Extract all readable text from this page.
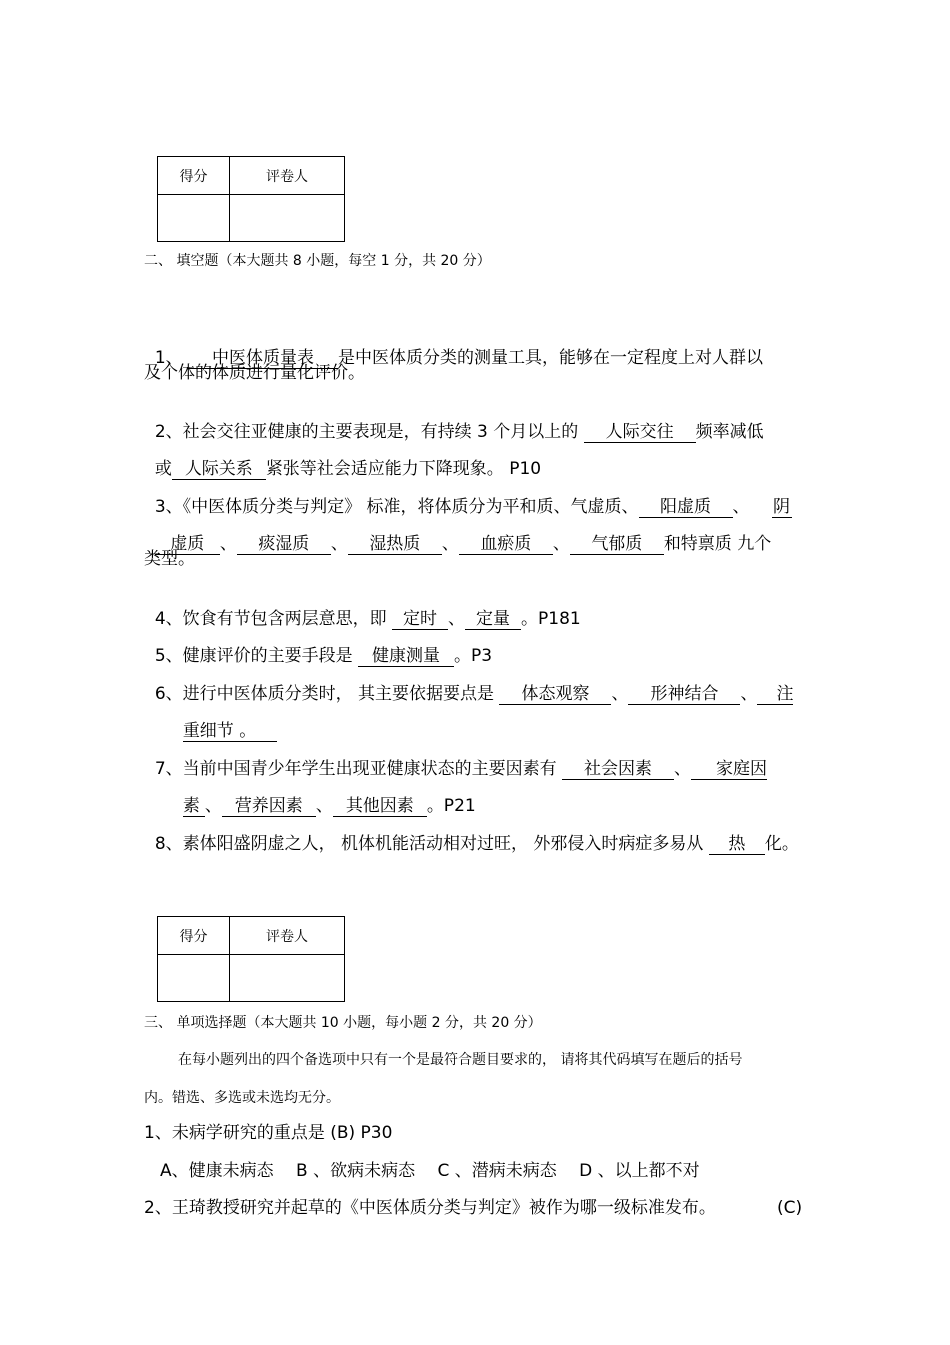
得分	评卷人

二、 填空题（本大题共 8 小题，每空 1 分，共 20 分）

1、 中医体质量表 是中医体质分类的测量工具，能够在一定程度上对人群以

及个体的体质进行量化评价。

2、社会交往亚健康的主要表现是，有持续 3 个月以上的 人际交往 频率减低

或 人际关系 紧张等社会适应能力下降现象。 P10

3、《中医体质分类与判定》 标准，将体质分为平和质、气虚质、 阳虚质 、 阴

虚质 、 痰湿质 、 湿热质 、 血瘀质 、 气郁质 和特禀质 九个

类型。

4、饮食有节包含两层意思，即 定时 、 定量 。P181

5、健康评价的主要手段是 健康测量 。P3

6、进行中医体质分类时， 其主要依据要点是 体态观察 、 形神结合 、 注

重细节 。

7、当前中国青少年学生出现亚健康状态的主要因素有 社会因素 、 家庭因

素 、 营养因素 、 其他因素 。P21

8、素体阳盛阴虚之人， 机体机能活动相对过旺， 外邪侵入时病症多易从 热 化。

得分	评卷人

三、 单项选择题（本大题共 10 小题，每小题 2 分，共 20 分）
在每小题列出的四个备选项中只有一个是最符合题目要求的， 请将其代码填写在题后的括号
内。错选、多选或未选均无分。
1、未病学研究的重点是 (B) P30
A、健康未病态　 B 、欲病未病态　 C 、潜病未病态　 D 、以上都不对
2、王琦教授研究并起草的《中医体质分类与判定》被作为哪一级标准发布。	(C)
